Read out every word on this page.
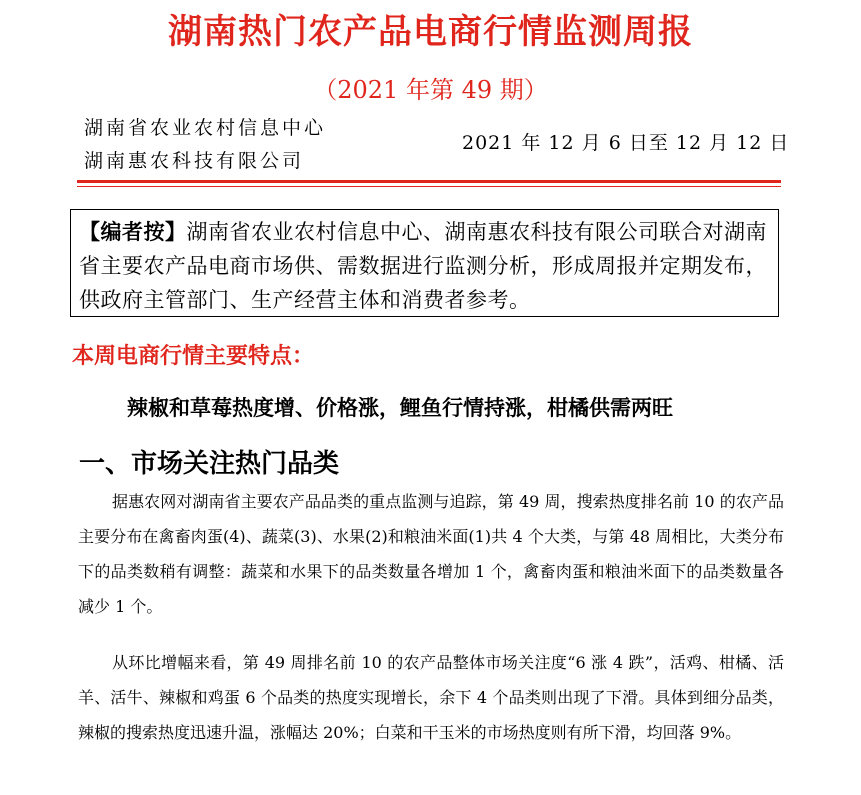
湖南热门农产品电商行情监测周报
（2021 年第 49 期）
湖南省农业农村信息中心
湖南惠农科技有限公司
2021 年 12 月 6 日至 12 月 12 日
【编者按】湖南省农业农村信息中心、湖南惠农科技有限公司联合对湖南省主要农产品电商市场供、需数据进行监测分析，形成周报并定期发布，供政府主管部门、生产经营主体和消费者参考。
本周电商行情主要特点：
辣椒和草莓热度增、价格涨，鲤鱼行情持涨，柑橘供需两旺
一、市场关注热门品类

据惠农网对湖南省主要农产品品类的重点监测与追踪，第 49 周，搜索热度排名前 10 的农产品主要分布在禽畜肉蛋(4)、蔬菜(3)、水果(2)和粮油米面(1)共 4 个大类，与第 48 周相比，大类分布下的品类数稍有调整：蔬菜和水果下的品类数量各增加 1 个，禽畜肉蛋和粮油米面下的品类数量各减少 1 个。

从环比增幅来看，第 49 周排名前 10 的农产品整体市场关注度“6 涨 4 跌”，活鸡、柑橘、活羊、活牛、辣椒和鸡蛋 6 个品类的热度实现增长，余下 4 个品类则出现了下滑。具体到细分品类，辣椒的搜索热度迅速升温，涨幅达 20%；白菜和干玉米的市场热度则有所下滑，均回落 9%。
